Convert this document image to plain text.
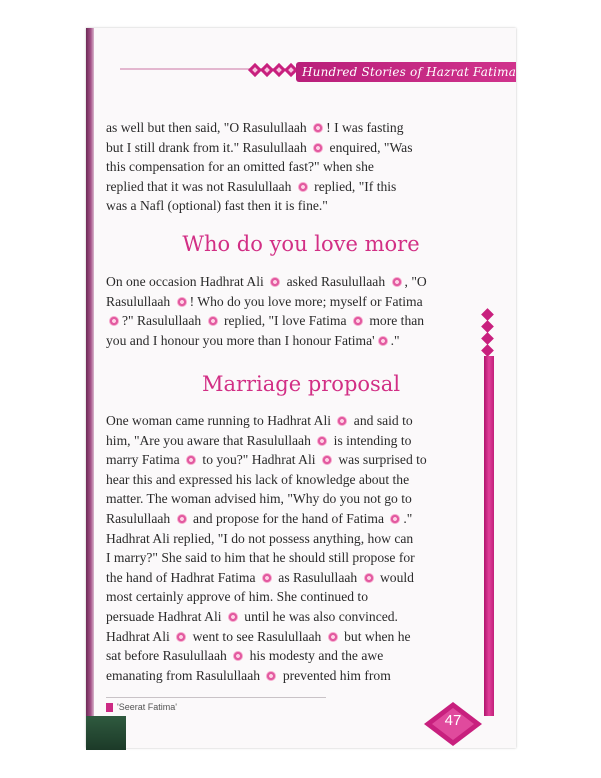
Hundred Stories of Hazrat Fatima
as well but then said, "O Rasulullaah ! I was fasting
but I still drank from it." Rasulullaah  enquired, "Was
this compensation for an omitted fast?" when she
replied that it was not Rasulullaah  replied, "If this
was a Nafl (optional) fast then it is fine."
Who do you love more
On one occasion Hadhrat Ali  asked Rasulullaah , "O
Rasulullaah ! Who do you love more; myself or Fatima
?" Rasulullaah  replied, "I love Fatima  more than
you and I honour you more than I honour Fatima' ."
Marriage proposal
One woman came running to Hadhrat Ali  and said to
him, "Are you aware that Rasulullaah  is intending to
marry Fatima  to you?" Hadhrat Ali  was surprised to
hear this and expressed his lack of knowledge about the
matter. The woman advised him, "Why do you not go to
Rasulullaah  and propose for the hand of Fatima ."
Hadhrat Ali replied, "I do not possess anything, how can
I marry?" She said to him that he should still propose for
the hand of Hadhrat Fatima  as Rasulullaah  would
most certainly approve of him. She continued to
persuade Hadhrat Ali  until he was also convinced.
Hadhrat Ali  went to see Rasulullaah  but when he
sat before Rasulullaah  his modesty and the awe
emanating from Rasulullaah  prevented him from
'Seerat Fatima'
47
